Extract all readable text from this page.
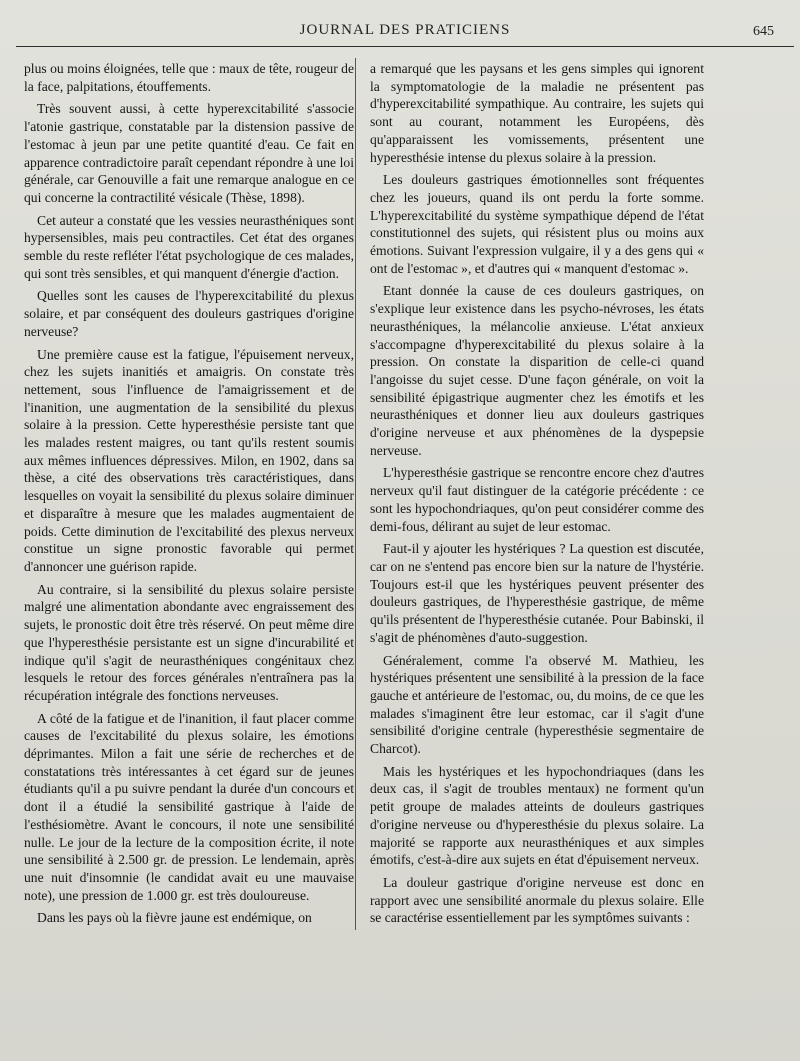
JOURNAL DES PRATICIENS	645

plus ou moins éloignées, telle que : maux de tête, rougeur de la face, palpitations, étouffements.

Très souvent aussi, à cette hyperexcitabilité s'associe l'atonie gastrique, constatable par la distension passive de l'estomac à jeun par une petite quantité d'eau. Ce fait en apparence contradictoire paraît cependant répondre à une loi générale, car Genouville a fait une remarque analogue en ce qui concerne la contractilité vésicale (Thèse, 1898).

Cet auteur a constaté que les vessies neurasthéniques sont hypersensibles, mais peu contractiles. Cet état des organes semble du reste refléter l'état psychologique de ces malades, qui sont très sensibles, et qui manquent d'énergie d'action.

Quelles sont les causes de l'hyperexcitabilité du plexus solaire, et par conséquent des douleurs gastriques d'origine nerveuse?

Une première cause est la fatigue, l'épuisement nerveux, chez les sujets inanitiés et amaigris. On constate très nettement, sous l'influence de l'amaigrissement et de l'inanition, une augmentation de la sensibilité du plexus solaire à la pression. Cette hyperesthésie persiste tant que les malades restent maigres, ou tant qu'ils restent soumis aux mêmes influences dépressives. Milon, en 1902, dans sa thèse, a cité des observations très caractéristiques, dans lesquelles on voyait la sensibilité du plexus solaire diminuer et disparaître à mesure que les malades augmentaient de poids. Cette diminution de l'excitabilité des plexus nerveux constitue un signe pronostic favorable qui permet d'annoncer une guérison rapide.

Au contraire, si la sensibilité du plexus solaire persiste malgré une alimentation abondante avec engraissement des sujets, le pronostic doit être très réservé. On peut même dire que l'hyperesthésie persistante est un signe d'incurabilité et indique qu'il s'agit de neurasthéniques congénitaux chez lesquels le retour des forces générales n'entraînera pas la récupération intégrale des fonctions nerveuses.

A côté de la fatigue et de l'inanition, il faut placer comme causes de l'excitabilité du plexus solaire, les émotions déprimantes. Milon a fait une série de recherches et de constatations très intéressantes à cet égard sur de jeunes étudiants qu'il a pu suivre pendant la durée d'un concours et dont il a étudié la sensibilité gastrique à l'aide de l'esthésiomètre. Avant le concours, il note une sensibilité nulle. Le jour de la lecture de la composition écrite, il note une sensibilité à 2.500 gr. de pression. Le lendemain, après une nuit d'insomnie (le candidat avait eu une mauvaise note), une pression de 1.000 gr. est très douloureuse.

Dans les pays où la fièvre jaune est endémique, on

a remarqué que les paysans et les gens simples qui ignorent la symptomatologie de la maladie ne présentent pas d'hyperexcitabilité sympathique. Au contraire, les sujets qui sont au courant, notamment les Européens, dès qu'apparaissent les vomissements, présentent une hyperesthésie intense du plexus solaire à la pression.

Les douleurs gastriques émotionnelles sont fréquentes chez les joueurs, quand ils ont perdu la forte somme. L'hyperexcitabilité du système sympathique dépend de l'état constitutionnel des sujets, qui résistent plus ou moins aux émotions. Suivant l'expression vulgaire, il y a des gens qui « ont de l'estomac », et d'autres qui « manquent d'estomac ».

Etant donnée la cause de ces douleurs gastriques, on s'explique leur existence dans les psycho-névroses, les états neurasthéniques, la mélancolie anxieuse. L'état anxieux s'accompagne d'hyperexcitabilité du plexus solaire à la pression. On constate la disparition de celle-ci quand l'angoisse du sujet cesse. D'une façon générale, on voit la sensibilité épigastrique augmenter chez les émotifs et les neurasthéniques et donner lieu aux douleurs gastriques d'origine nerveuse et aux phénomènes de la dyspepsie nerveuse.

L'hyperesthésie gastrique se rencontre encore chez d'autres nerveux qu'il faut distinguer de la catégorie précédente : ce sont les hypochondriaques, qu'on peut considérer comme des demi-fous, délirant au sujet de leur estomac.

Faut-il y ajouter les hystériques ? La question est discutée, car on ne s'entend pas encore bien sur la nature de l'hystérie. Toujours est-il que les hystériques peuvent présenter des douleurs gastriques, de l'hyperesthésie gastrique, de même qu'ils présentent de l'hyperesthésie cutanée. Pour Babinski, il s'agit de phénomènes d'auto-suggestion.

Généralement, comme l'a observé M. Mathieu, les hystériques présentent une sensibilité à la pression de la face gauche et antérieure de l'estomac, ou, du moins, de ce que les malades s'imaginent être leur estomac, car il s'agit d'une sensibilité d'origine centrale (hyperesthésie segmentaire de Charcot).

Mais les hystériques et les hypochondriaques (dans les deux cas, il s'agit de troubles mentaux) ne forment qu'un petit groupe de malades atteints de douleurs gastriques d'origine nerveuse ou d'hyperesthésie du plexus solaire. La majorité se rapporte aux neurasthéniques et aux simples émotifs, c'est-à-dire aux sujets en état d'épuisement nerveux.

La douleur gastrique d'origine nerveuse est donc en rapport avec une sensibilité anormale du plexus solaire. Elle se caractérise essentiellement par les symptômes suivants :
